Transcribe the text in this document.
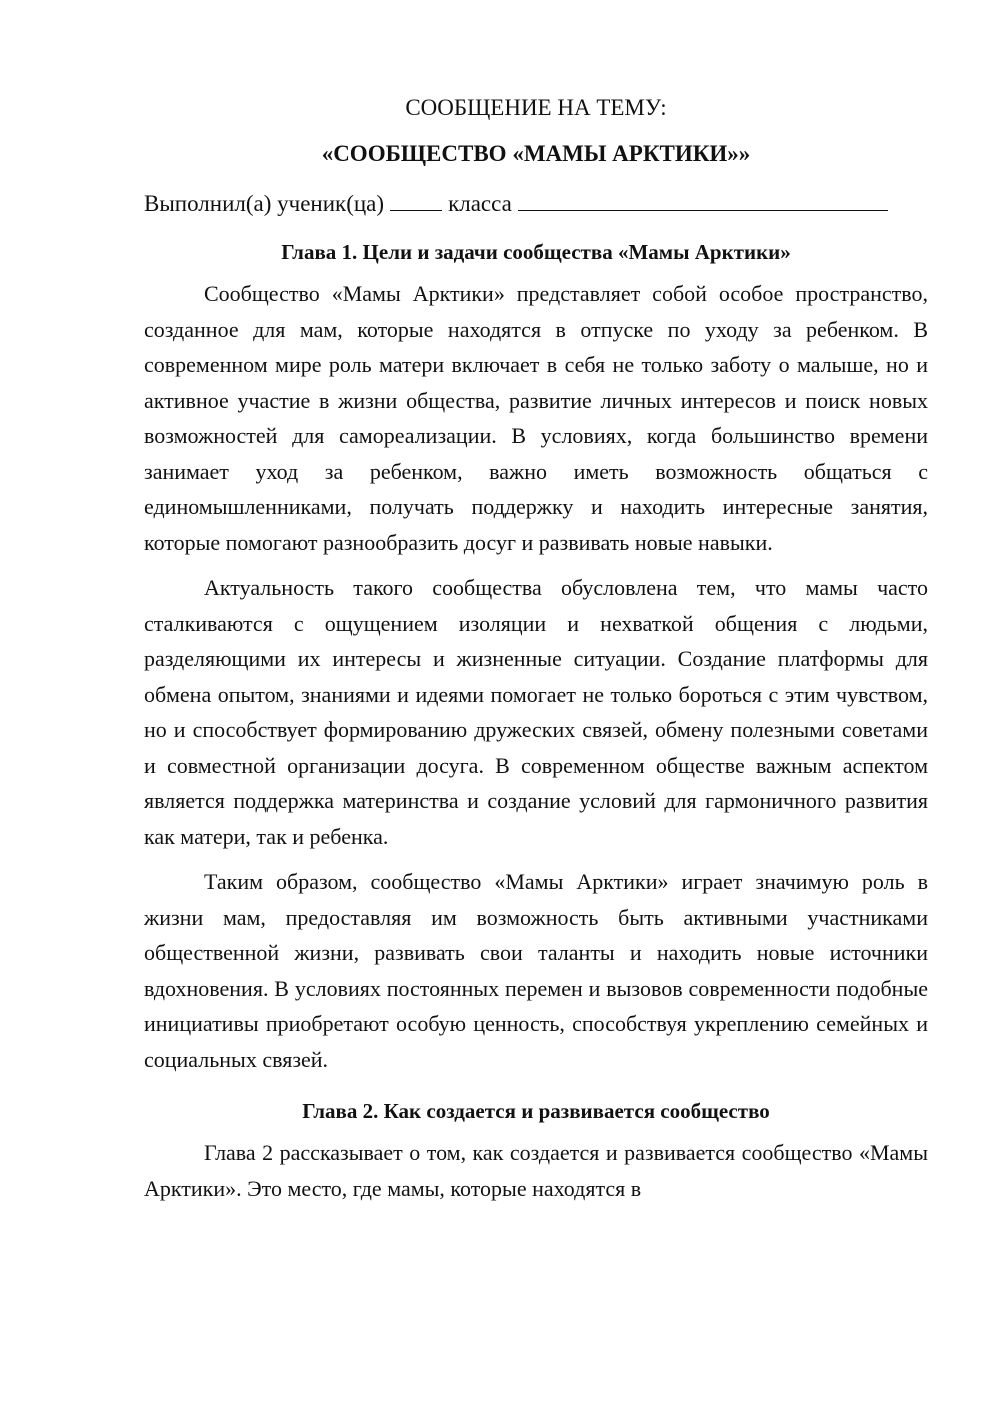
СООБЩЕНИЕ НА ТЕМУ:

«СООБЩЕСТВО «МАМЫ АРКТИКИ»»

Выполнил(а) ученик(ца)	класса

Глава 1. Цели и задачи сообщества «Мамы Арктики»

Сообщество «Мамы Арктики» представляет собой особое пространство, созданное для мам, которые находятся в отпуске по уходу за ребенком. В современном мире роль матери включает в себя не только заботу о малыше, но и активное участие в жизни общества, развитие личных интересов и поиск новых возможностей для самореализации. В условиях, когда большинство времени занимает уход за ребенком, важно иметь возможность общаться с единомышленниками, получать поддержку и находить интересные занятия, которые помогают разнообразить досуг и развивать новые навыки.

Актуальность такого сообщества обусловлена тем, что мамы часто сталкиваются с ощущением изоляции и нехваткой общения с людьми, разделяющими их интересы и жизненные ситуации. Создание платформы для обмена опытом, знаниями и идеями помогает не только бороться с этим чувством, но и способствует формированию дружеских связей, обмену полезными советами и совместной организации досуга. В современном обществе важным аспектом является поддержка материнства и создание условий для гармоничного развития как матери, так и ребенка.

Таким образом, сообщество «Мамы Арктики» играет значимую роль в жизни мам, предоставляя им возможность быть активными участниками общественной жизни, развивать свои таланты и находить новые источники вдохновения. В условиях постоянных перемен и вызовов современности подобные инициативы приобретают особую ценность, способствуя укреплению семейных и социальных связей.

Глава 2. Как создается и развивается сообщество

Глава 2 рассказывает о том, как создается и развивается сообщество «Мамы Арктики». Это место, где мамы, которые находятся в
